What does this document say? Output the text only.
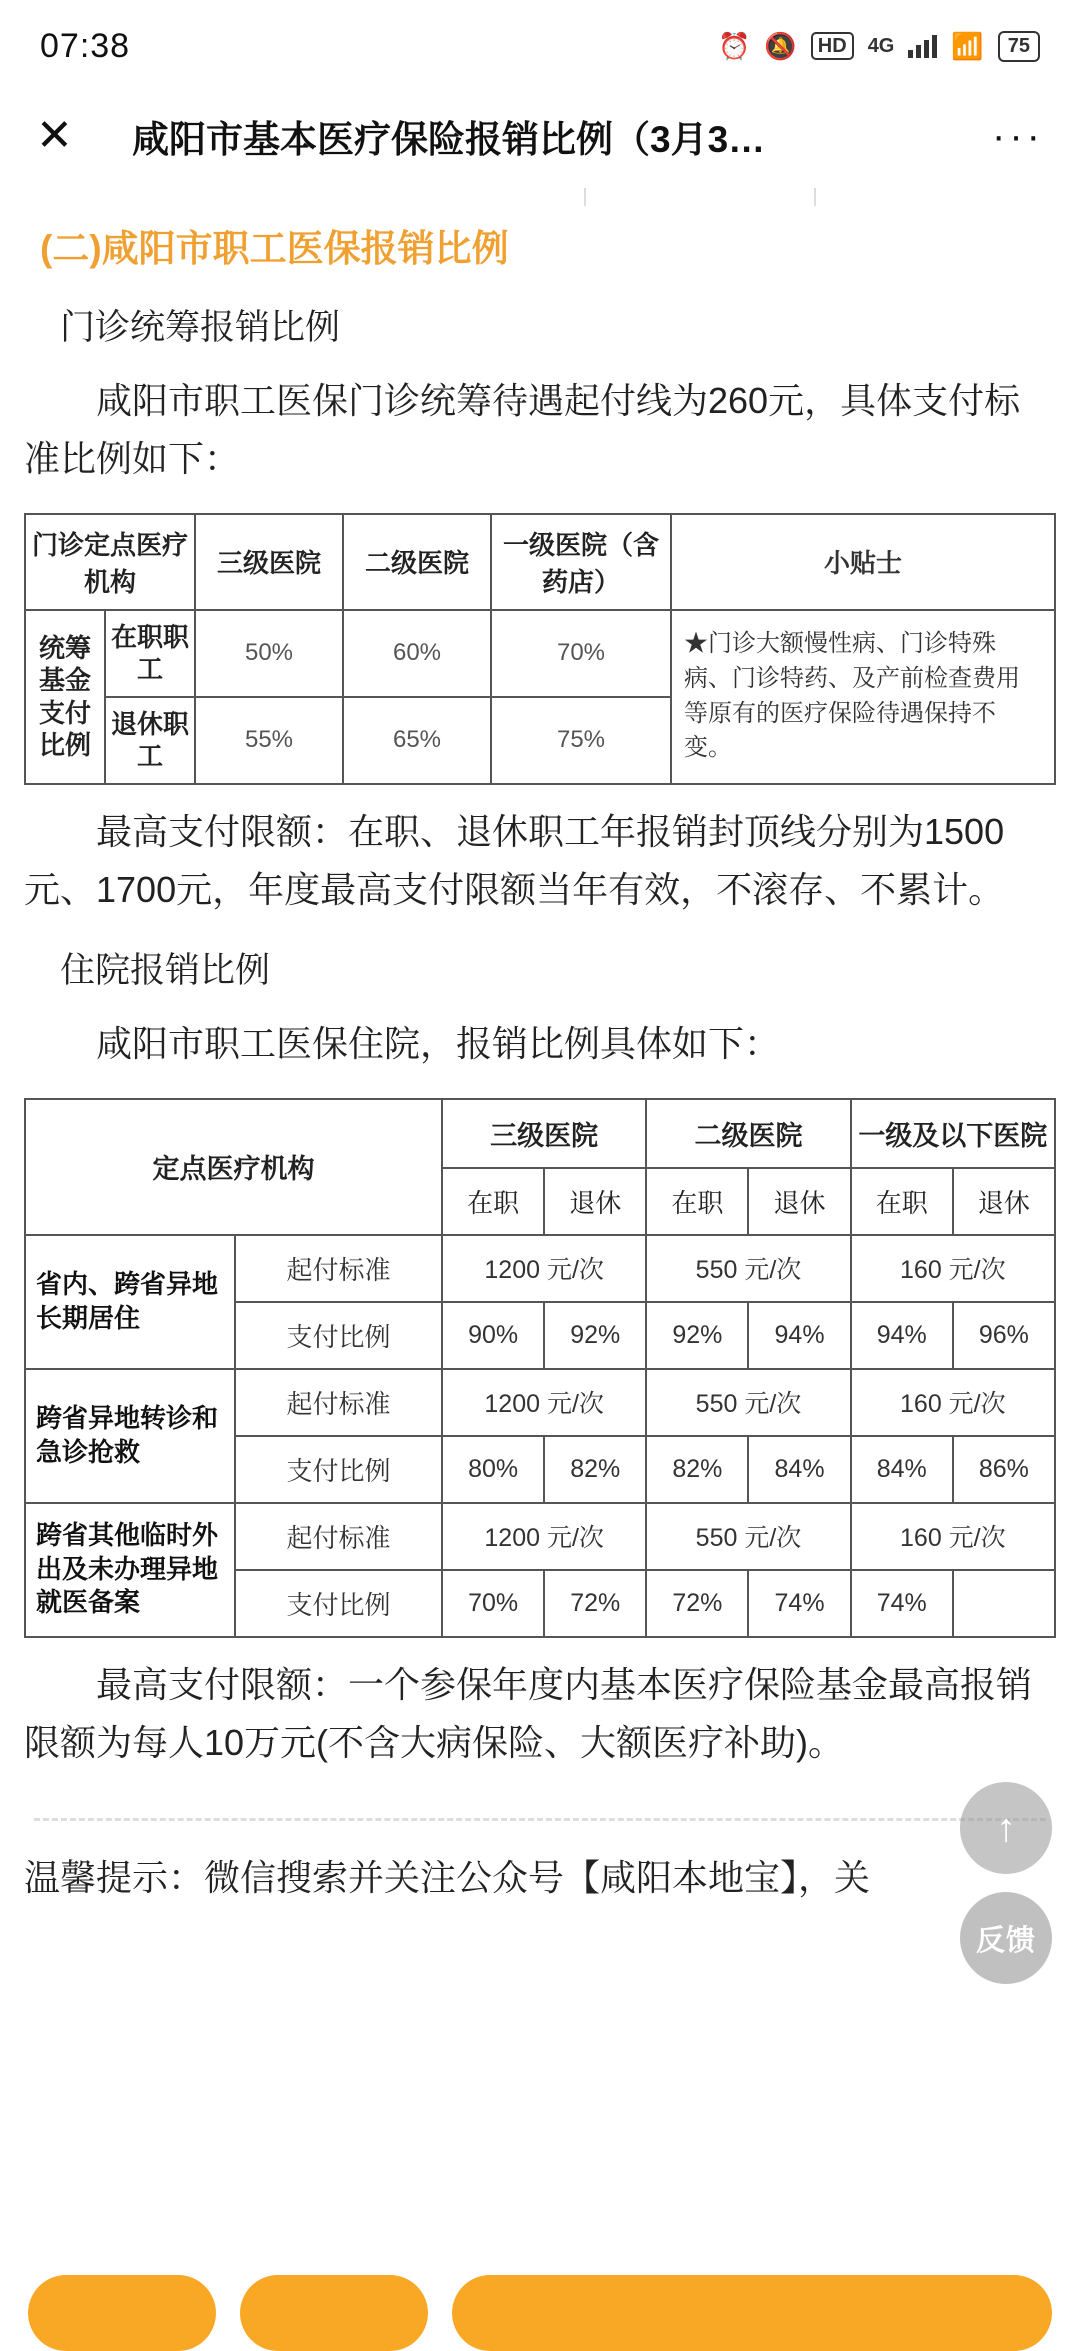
07:38	⏰ 🔕	HD	4G 📶	75
✕	咸阳市基本医疗保险报销比例（3月3…	···
(二)咸阳市职工医保报销比例
门诊统筹报销比例

咸阳市职工医保门诊统筹待遇起付线为260元，具体支付标准比例如下：

门诊定点医疗机构		三级医院	二级医院	一级医院（含药店）	小贴士
统筹基金支付比例	在职职工	50%	60%	70%	★门诊大额慢性病、门诊特殊病、门诊特药、及产前检查费用等原有的医疗保险待遇保持不变。
	退休职工	55%	65%	75%	

最高支付限额：在职、退休职工年报销封顶线分别为1500元、1700元，年度最高支付限额当年有效，不滚存、不累计。

住院报销比例

咸阳市职工医保住院，报销比例具体如下：

定点医疗机构		三级医院		二级医院		一级及以下医院	
		在职	退休	在职	退休	在职	退休
省内、跨省异地长期居住	起付标准	1200 元/次		550 元/次		160 元/次	
	支付比例	90%	92%	92%	94%	94%	96%
跨省异地转诊和急诊抢救	起付标准	1200 元/次		550 元/次		160 元/次	
	支付比例	80%	82%	82%	84%	84%	86%
跨省其他临时外出及未办理异地就医备案	起付标准	1200 元/次		550 元/次		160 元/次	
	支付比例	70%	72%	72%	74%	74%	

最高支付限额：一个参保年度内基本医疗保险基金最高报销限额为每人10万元(不含大病保险、大额医疗补助)。

温馨提示：微信搜索并关注公众号【咸阳本地宝】，关

↑
反馈
